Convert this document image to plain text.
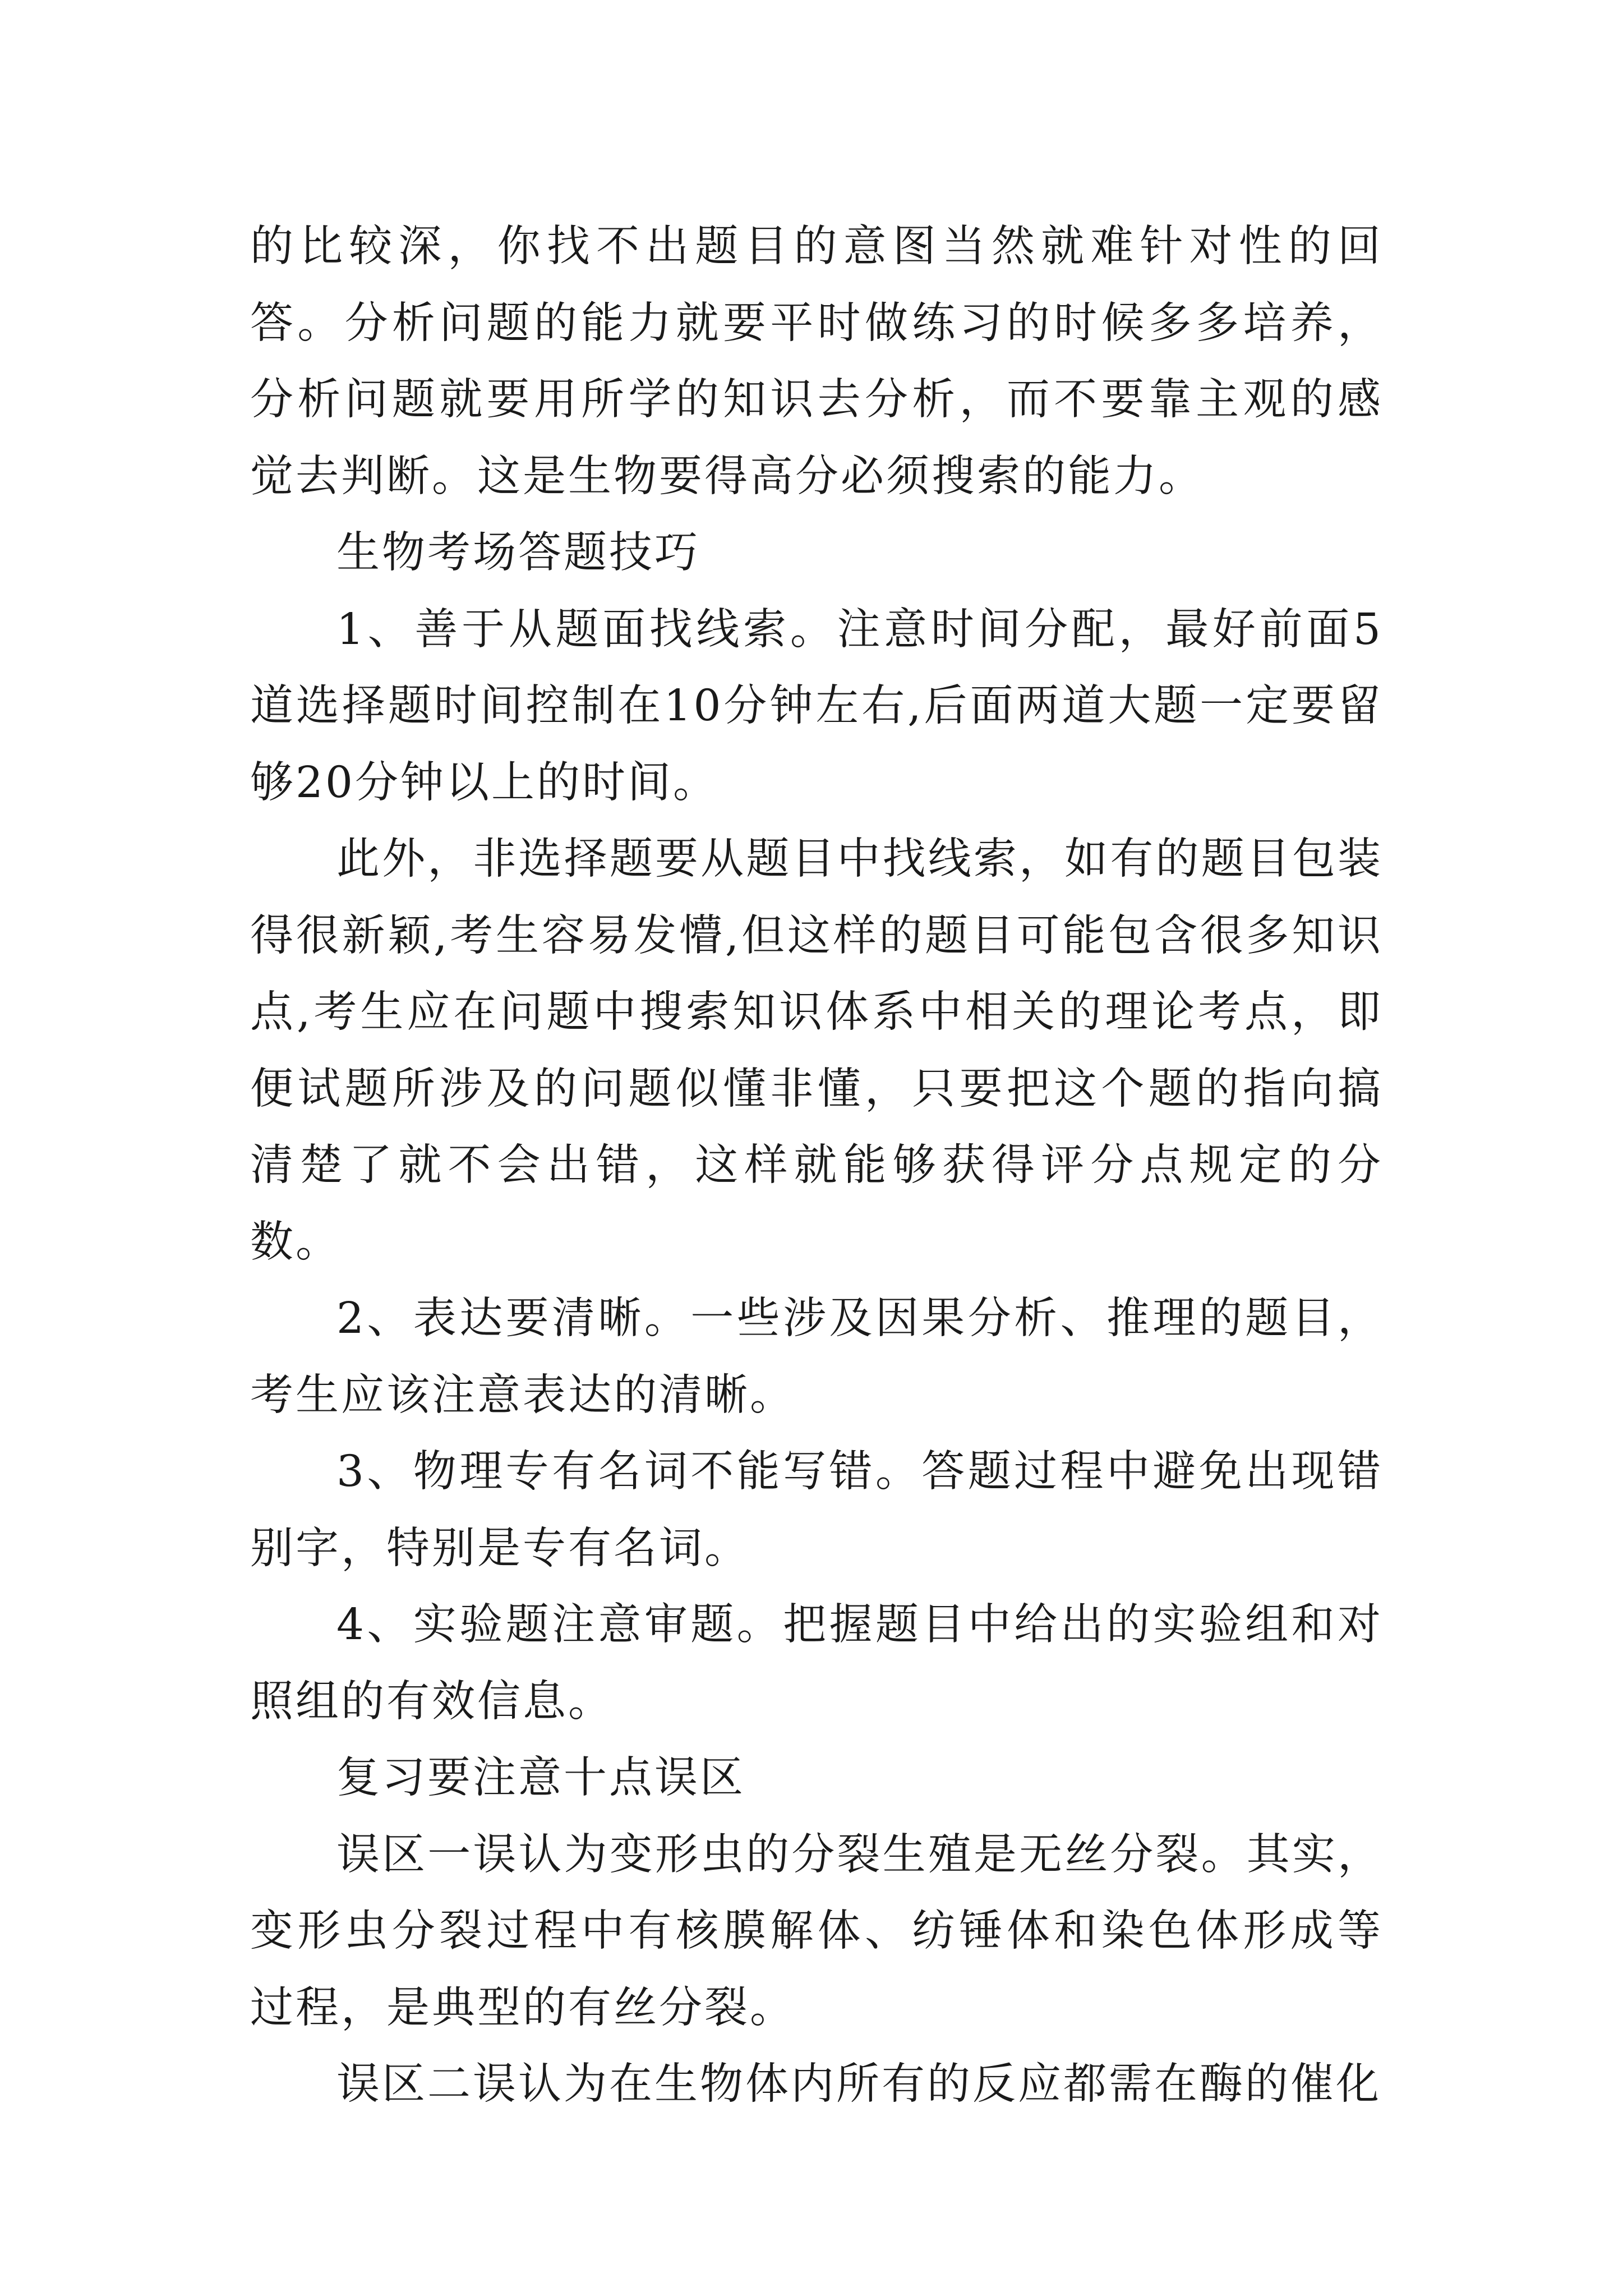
的比较深，你找不出题目的意图当然就难针对性的回答。分析问题的能力就要平时做练习的时候多多培养，分析问题就要用所学的知识去分析，而不要靠主观的感觉去判断。这是生物要得高分必须搜索的能力。

生物考场答题技巧

1、善于从题面找线索。注意时间分配，最好前面5道选择题时间控制在10分钟左右,后面两道大题一定要留够20分钟以上的时间。

此外，非选择题要从题目中找线索，如有的题目包装得很新颖,考生容易发懵,但这样的题目可能包含很多知识点,考生应在问题中搜索知识体系中相关的理论考点，即便试题所涉及的问题似懂非懂，只要把这个题的指向搞清楚了就不会出错，这样就能够获得评分点规定的分数。

2、表达要清晰。一些涉及因果分析、推理的题目，考生应该注意表达的清晰。

3、物理专有名词不能写错。答题过程中避免出现错别字，特别是专有名词。

4、实验题注意审题。把握题目中给出的实验组和对照组的有效信息。

复习要注意十点误区

误区一误认为变形虫的分裂生殖是无丝分裂。其实，变形虫分裂过程中有核膜解体、纺锤体和染色体形成等过程，是典型的有丝分裂。

误区二误认为在生物体内所有的反应都需在酶的催化
